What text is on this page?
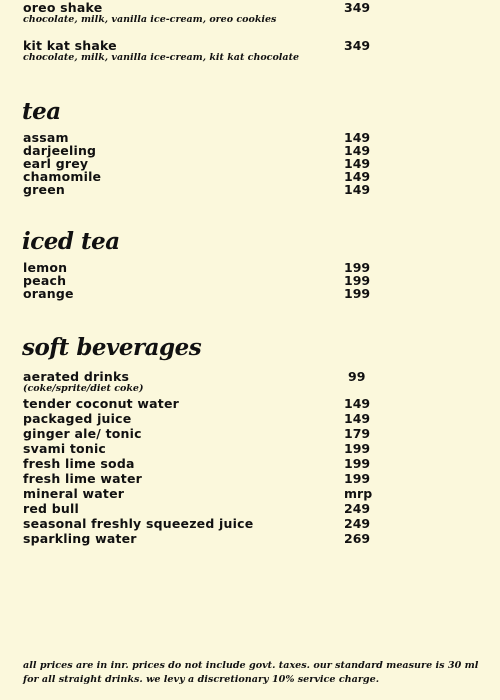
oreo shake	349
chocolate, milk, vanilla ice-cream, oreo cookies
kit kat shake	349
chocolate, milk, vanilla ice-cream, kit kat chocolate
tea
assam	149
darjeeling	149
earl grey	149
chamomile	149
green	149
iced tea
lemon	199
peach	199
orange	199
soft beverages
aerated drinks	99
(coke/sprite/diet coke)
tender coconut water	149
packaged juice	149
ginger ale/ tonic	179
svami tonic	199
fresh lime soda	199
fresh lime water	199
mineral water	mrp
red bull	249
seasonal freshly squeezed juice	249
sparkling water	269
all prices are in inr. prices do not include govt. taxes. our standard measure is 30 ml
for all straight drinks. we levy a discretionary 10% service charge.
